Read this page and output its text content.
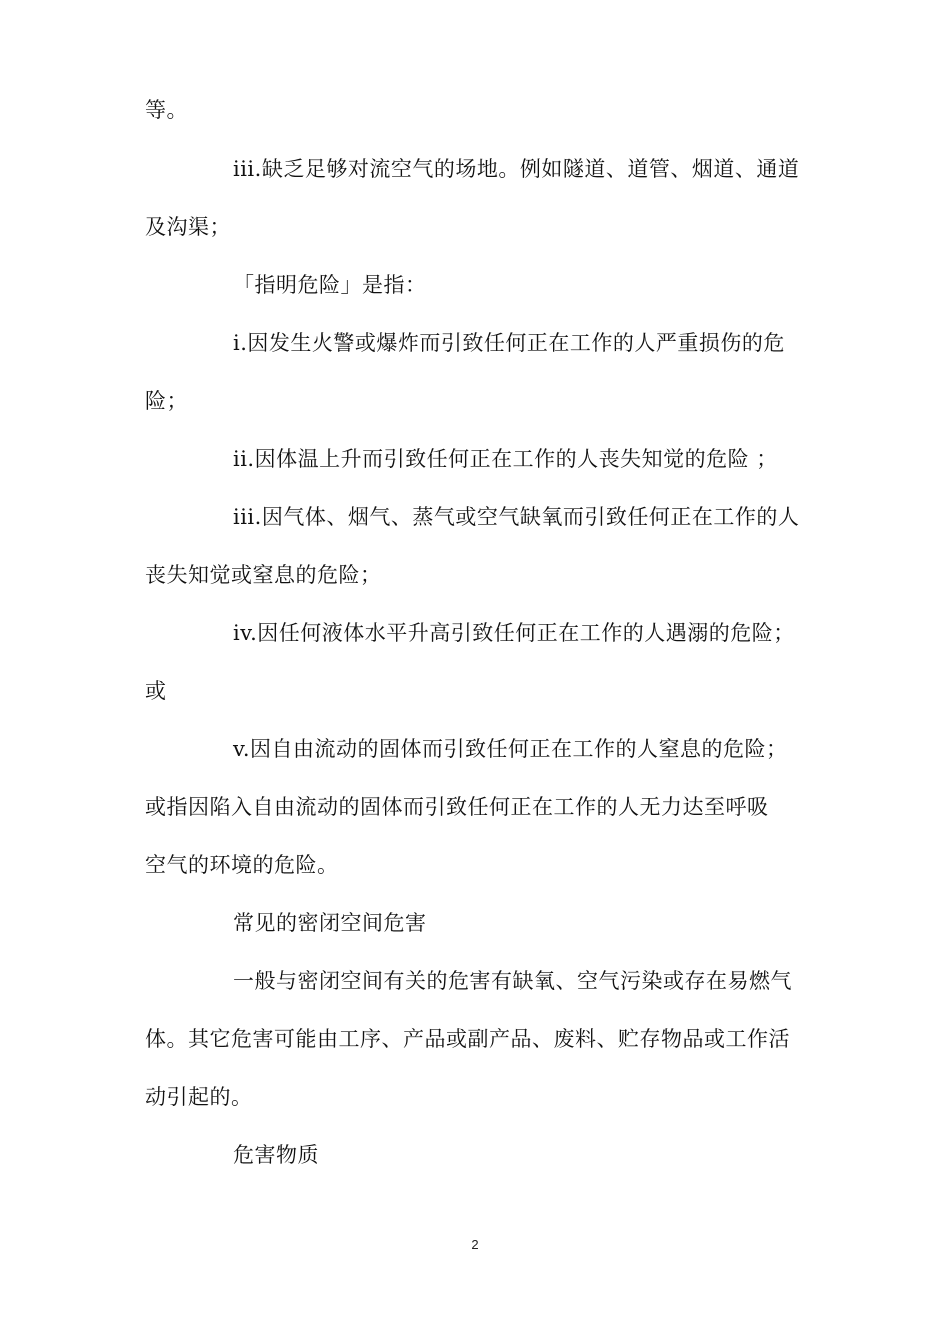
等。
iii.缺乏足够对流空气的场地。例如隧道、道管、烟道、通道
及沟渠；
「指明危险」是指：
i.因发生火警或爆炸而引致任何正在工作的人严重损伤的危
险；
ii.因体温上升而引致任何正在工作的人丧失知觉的危险 ；
iii.因气体、烟气、蒸气或空气缺氧而引致任何正在工作的人
丧失知觉或窒息的危险；
iv.因任何液体水平升高引致任何正在工作的人遇溺的危险；
或
v.因自由流动的固体而引致任何正在工作的人窒息的危险；
或指因陷入自由流动的固体而引致任何正在工作的人无力达至呼吸
空气的环境的危险。
常见的密闭空间危害
一般与密闭空间有关的危害有缺氧、空气污染或存在易燃气
体。其它危害可能由工序、产品或副产品、废料、贮存物品或工作活
动引起的。
危害物质
2
